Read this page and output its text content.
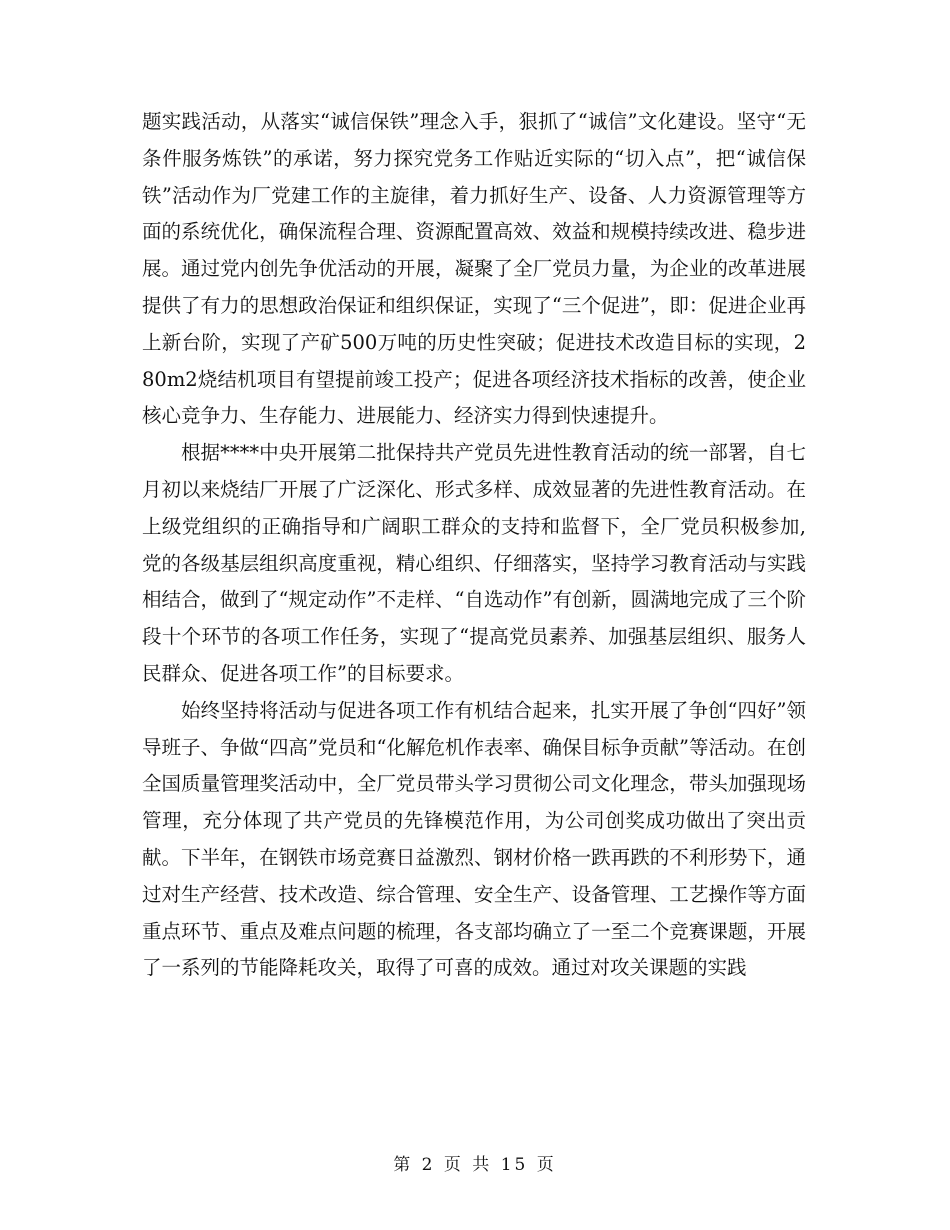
题实践活动，从落实“诚信保铁”理念入手，狠抓了“诚信”文化建设。坚守“无条件服务炼铁”的承诺，努力探究党务工作贴近实际的“切入点”，把“诚信保铁”活动作为厂党建工作的主旋律，着力抓好生产、设备、人力资源管理等方面的系统优化，确保流程合理、资源配置高效、效益和规模持续改进、稳步进展。通过党内创先争优活动的开展，凝聚了全厂党员力量，为企业的改革进展提供了有力的思想政治保证和组织保证，实现了“三个促进”，即：促进企业再上新台阶，实现了产矿500万吨的历史性突破；促进技术改造目标的实现，280m2烧结机项目有望提前竣工投产；促进各项经济技术指标的改善，使企业核心竞争力、生存能力、进展能力、经济实力得到快速提升。

根据****中央开展第二批保持共产党员先进性教育活动的统一部署，自七月初以来烧结厂开展了广泛深化、形式多样、成效显著的先进性教育活动。在上级党组织的正确指导和广阔职工群众的支持和监督下，全厂党员积极参加,党的各级基层组织高度重视，精心组织、仔细落实，坚持学习教育活动与实践相结合，做到了“规定动作”不走样、“自选动作”有创新，圆满地完成了三个阶段十个环节的各项工作任务，实现了“提高党员素养、加强基层组织、服务人民群众、促进各项工作”的目标要求。

始终坚持将活动与促进各项工作有机结合起来，扎实开展了争创“四好”领导班子、争做“四高”党员和“化解危机作表率、确保目标争贡献”等活动。在创全国质量管理奖活动中，全厂党员带头学习贯彻公司文化理念，带头加强现场管理，充分体现了共产党员的先锋模范作用，为公司创奖成功做出了突出贡献。下半年，在钢铁市场竞赛日益激烈、钢材价格一跌再跌的不利形势下，通过对生产经营、技术改造、综合管理、安全生产、设备管理、工艺操作等方面重点环节、重点及难点问题的梳理，各支部均确立了一至二个竞赛课题，开展了一系列的节能降耗攻关，取得了可喜的成效。通过对攻关课题的实践

第 2 页 共 15 页
